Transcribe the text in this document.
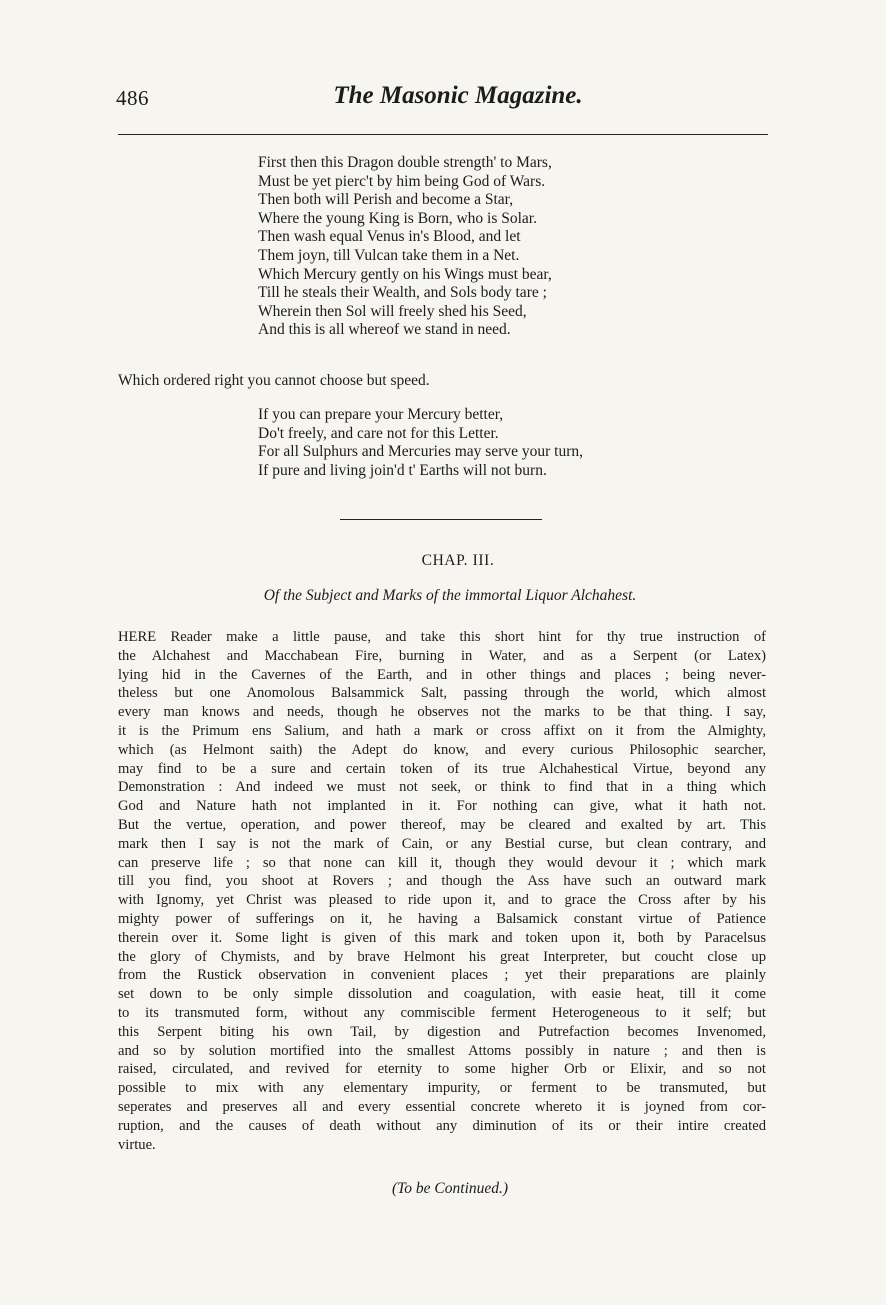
486	The Masonic Magazine.
First then this Dragon double strength' to Mars,
Must be yet pierc't by him being God of Wars.
Then both will Perish and become a Star,
Where the young King is Born, who is Solar.
Then wash equal Venus in's Blood, and let
Them joyn, till Vulcan take them in a Net.
Which Mercury gently on his Wings must bear,
Till he steals their Wealth, and Sols body tare ;
Wherein then Sol will freely shed his Seed,
And this is all whereof we stand in need.
Which ordered right you cannot choose but speed.
If you can prepare your Mercury better,
Do't freely, and care not for this Letter.
For all Sulphurs and Mercuries may serve your turn,
If pure and living join'd t' Earths will not burn.
CHAP. III.
Of the Subject and Marks of the immortal Liquor Alchahest.
HERE Reader make a little pause, and take this short hint for thy true instruction of
the Alchahest and Macchabean Fire, burning in Water, and as a Serpent (or Latex)
lying hid in the Cavernes of the Earth, and in other things and places ; being never-
theless but one Anomolous Balsammick Salt, passing through the world, which almost
every man knows and needs, though he observes not the marks to be that thing. I say,
it is the Primum ens Salium, and hath a mark or cross affixt on it from the Almighty,
which (as Helmont saith) the Adept do know, and every curious Philosophic searcher,
may find to be a sure and certain token of its true Alchahestical Virtue, beyond any
Demonstration : And indeed we must not seek, or think to find that in a thing which
God and Nature hath not implanted in it. For nothing can give, what it hath not.
But the vertue, operation, and power thereof, may be cleared and exalted by art. This
mark then I say is not the mark of Cain, or any Bestial curse, but clean contrary, and
can preserve life ; so that none can kill it, though they would devour it ; which mark
till you find, you shoot at Rovers ; and though the Ass have such an outward mark
with Ignomy, yet Christ was pleased to ride upon it, and to grace the Cross after by his
mighty power of sufferings on it, he having a Balsamick constant virtue of Patience
therein over it. Some light is given of this mark and token upon it, both by Paracelsus
the glory of Chymists, and by brave Helmont his great Interpreter, but coucht close up
from the Rustick observation in convenient places ; yet their preparations are plainly
set down to be only simple dissolution and coagulation, with easie heat, till it come
to its transmuted form, without any commiscible ferment Heterogeneous to it self; but
this Serpent biting his own Tail, by digestion and Putrefaction becomes Invenomed,
and so by solution mortified into the smallest Attoms possibly in nature ; and then is
raised, circulated, and revived for eternity to some higher Orb or Elixir, and so not
possible to mix with any elementary impurity, or ferment to be transmuted, but
seperates and preserves all and every essential concrete whereto it is joyned from cor-
ruption, and the causes of death without any diminution of its or their intire created
virtue.
(To be Continued.)
